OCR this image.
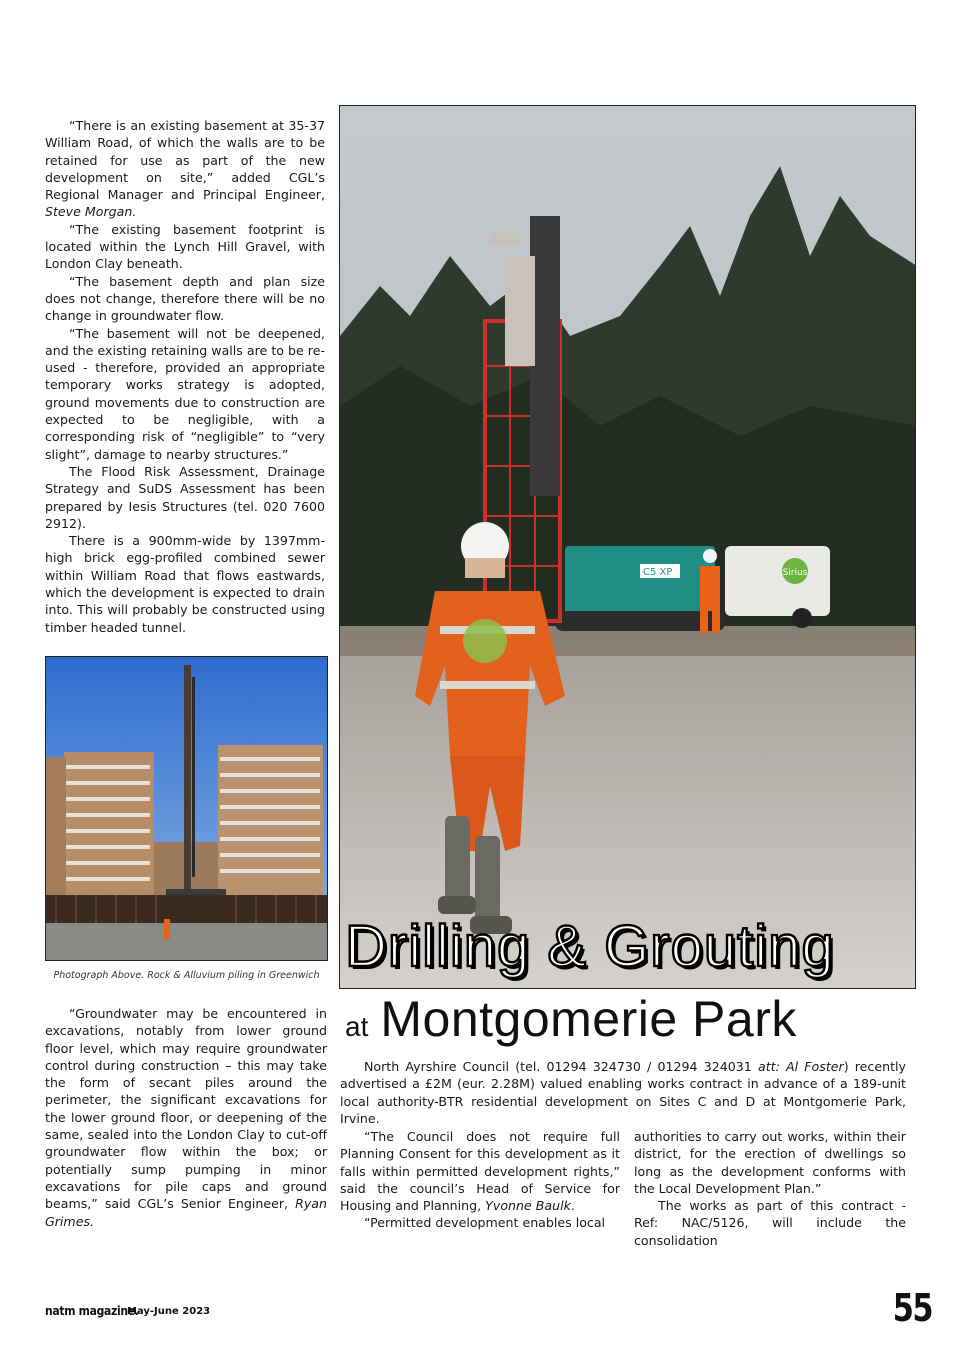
“There is an existing basement at 35-37 William Road, of which the walls are to be retained for use as part of the new development on site,” added CGL’s Regional Manager and Principal Engineer, Steve Morgan.

“The existing basement footprint is located within the Lynch Hill Gravel, with London Clay beneath.

“The basement depth and plan size does not change, therefore there will be no change in groundwater flow.

“The basement will not be deepened, and the existing retaining walls are to be re-used - therefore, provided an appropriate temporary works strategy is adopted, ground movements due to construction are expected to be negligible, with a corresponding risk of “negligible” to “very slight”, damage to nearby structures.”

The Flood Risk Assessment, Drainage Strategy and SuDS Assessment has been prepared by Iesis Structures (tel. 020 7600 2912).

There is a 900mm-wide by 1397mm-high brick egg-profiled combined sewer within William Road that flows eastwards, which the development is expected to drain into. This will probably be constructed using timber headed tunnel.

Photograph Above. Rock & Alluvium piling in Greenwich

“Groundwater may be encountered in excavations, notably from lower ground floor level, which may require groundwater control during construction – this may take the form of secant piles around the perimeter, the significant excavations for the lower ground floor, or deepening of the same, sealed into the London Clay to cut-off groundwater flow within the box; or potentially sump pumping in minor excavations for pile caps and ground beams,” said CGL’s Senior Engineer, Ryan Grimes.

Sirius
C5 XP
Drilling & Grouting
at Montgomerie Park

North Ayrshire Council (tel. 01294 324730 / 01294 324031 att: Al Foster) recently advertised a £2M (eur. 2.28M) valued enabling works contract in advance of a 189-unit local authority-BTR residential development on Sites C and D at Montgomerie Park, Irvine.

“The Council does not require full Planning Consent for this development as it falls within permitted development rights,” said the council’s Head of Service for Housing and Planning, Yvonne Baulk.

“Permitted development enables local

authorities to carry out works, within their district, for the erection of dwellings so long as the development conforms with the Local Development Plan.”

The works as part of this contract - Ref: NAC/5126, will include the consolidation

natm magazine.
May-June 2023	55
